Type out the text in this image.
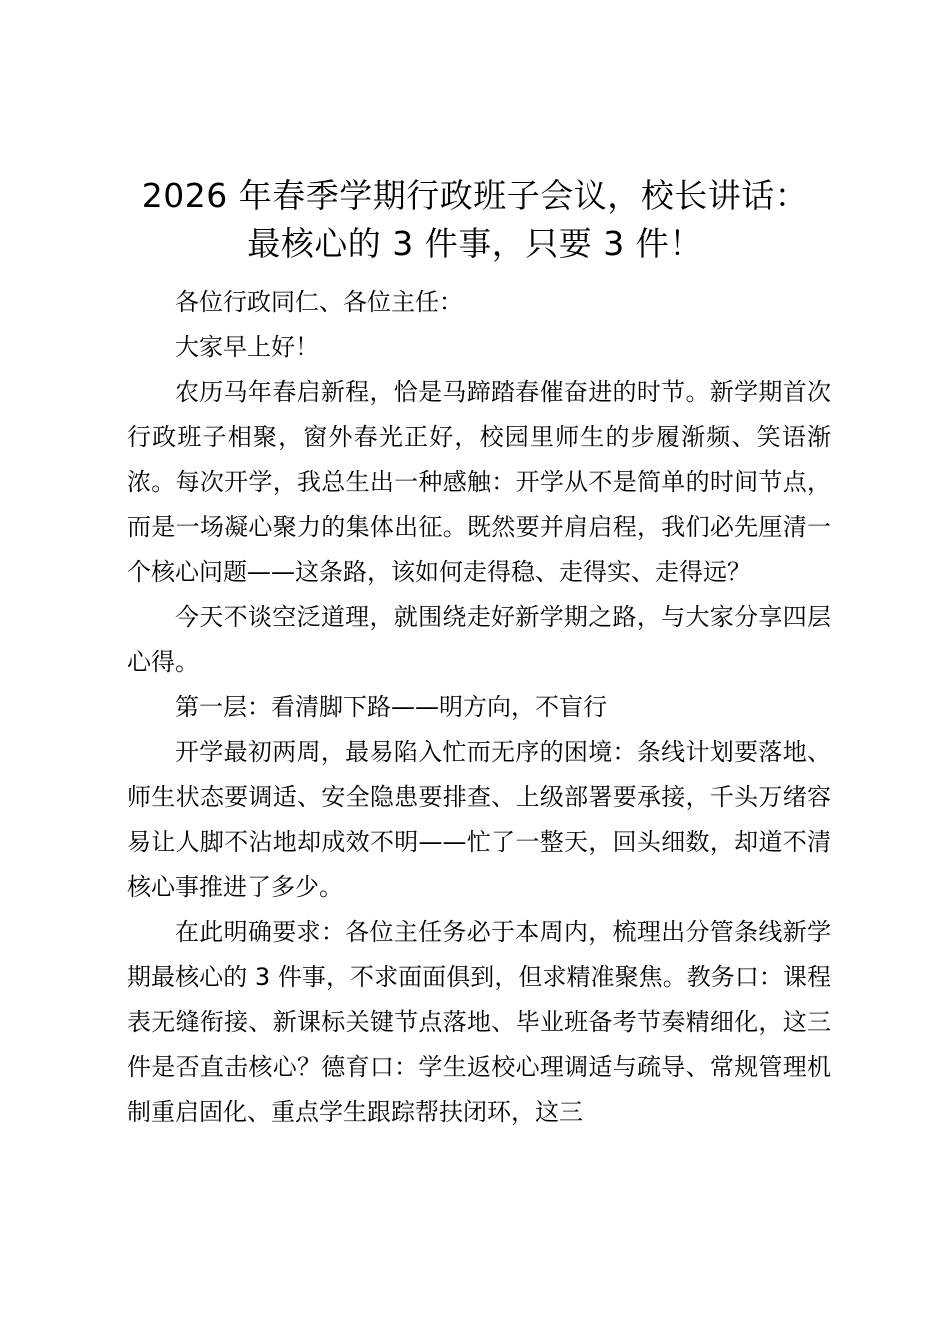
2026 年春季学期行政班子会议，校长讲话：
最核心的 3 件事，只要 3 件！

各位行政同仁、各位主任：

大家早上好！

农历马年春启新程，恰是马蹄踏春催奋进的时节。新学期首次行政班子相聚，窗外春光正好，校园里师生的步履渐频、笑语渐浓。每次开学，我总生出一种感触：开学从不是简单的时间节点，而是一场凝心聚力的集体出征。既然要并肩启程，我们必先厘清一个核心问题——这条路，该如何走得稳、走得实、走得远？

今天不谈空泛道理，就围绕走好新学期之路，与大家分享四层心得。

第一层：看清脚下路——明方向，不盲行

开学最初两周，最易陷入忙而无序的困境：条线计划要落地、师生状态要调适、安全隐患要排查、上级部署要承接，千头万绪容易让人脚不沾地却成效不明——忙了一整天，回头细数，却道不清核心事推进了多少。

在此明确要求：各位主任务必于本周内，梳理出分管条线新学期最核心的 3 件事，不求面面俱到，但求精准聚焦。教务口：课程表无缝衔接、新课标关键节点落地、毕业班备考节奏精细化，这三件是否直击核心？德育口：学生返校心理调适与疏导、常规管理机制重启固化、重点学生跟踪帮扶闭环，这三
